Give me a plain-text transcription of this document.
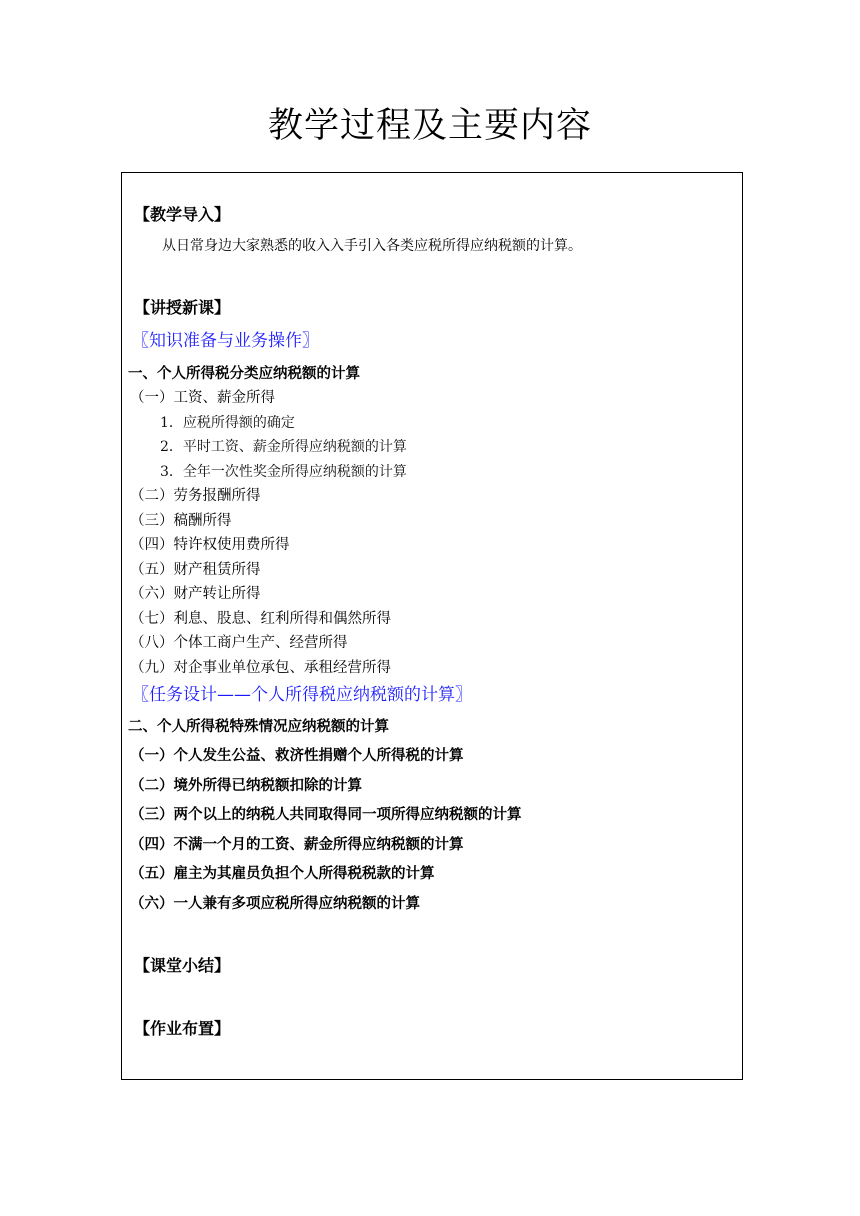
教学过程及主要内容
【教学导入】
从日常身边大家熟悉的收入入手引入各类应税所得应纳税额的计算。
【讲授新课】
〖知识准备与业务操作〗
一、个人所得税分类应纳税额的计算
（一）工资、薪金所得
1．应税所得额的确定
2．平时工资、薪金所得应纳税额的计算
3．全年一次性奖金所得应纳税额的计算
（二）劳务报酬所得
（三）稿酬所得
（四）特许权使用费所得
（五）财产租赁所得
（六）财产转让所得
（七）利息、股息、红利所得和偶然所得
（八）个体工商户生产、经营所得
（九）对企事业单位承包、承租经营所得
〖任务设计——个人所得税应纳税额的计算〗
二、个人所得税特殊情况应纳税额的计算
（一）个人发生公益、救济性捐赠个人所得税的计算
（二）境外所得已纳税额扣除的计算
（三）两个以上的纳税人共同取得同一项所得应纳税额的计算
（四）不满一个月的工资、薪金所得应纳税额的计算
（五）雇主为其雇员负担个人所得税税款的计算
（六）一人兼有多项应税所得应纳税额的计算
【课堂小结】
【作业布置】
